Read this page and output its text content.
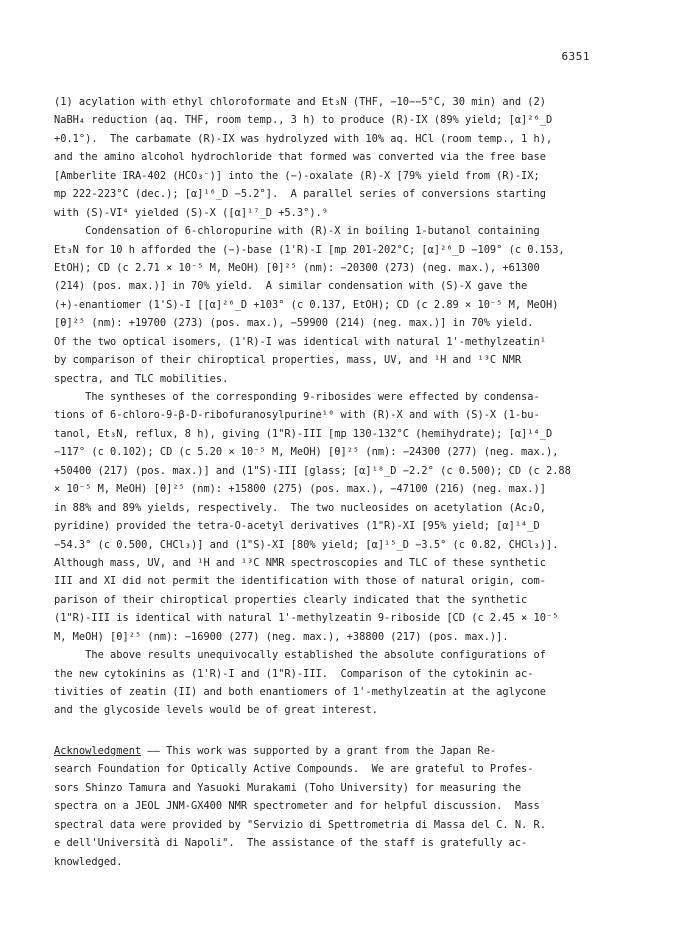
6351
(1) acylation with ethyl chloroformate and Et₃N (THF, −10−−5°C, 30 min) and (2)
NaBH₄ reduction (aq. THF, room temp., 3 h) to produce (R)-IX (89% yield; [α]²⁶_D
+0.1°).  The carbamate (R)-IX was hydrolyzed with 10% aq. HCl (room temp., 1 h),
and the amino alcohol hydrochloride that formed was converted via the free base
[Amberlite IRA-402 (HCO₃⁻)] into the (−)-oxalate (R)-X [79% yield from (R)-IX;
mp 222-223°C (dec.); [α]¹⁶_D −5.2°].  A parallel series of conversions starting
with (S)-VI⁴ yielded (S)-X ([α]¹⁷_D +5.3°).⁹
Condensation of 6-chloropurine with (R)-X in boiling 1-butanol containing
Et₃N for 10 h afforded the (−)-base (1'R)-I [mp 201-202°C; [α]²⁶_D −109° (c 0.153,
EtOH); CD (c 2.71 × 10⁻⁵ M, MeOH) [θ]²⁵ (nm): −20300 (273) (neg. max.), +61300
(214) (pos. max.)] in 70% yield.  A similar condensation with (S)-X gave the
(+)-enantiomer (1'S)-I [[α]²⁶_D +103° (c 0.137, EtOH); CD (c 2.89 × 10⁻⁵ M, MeOH)
[θ]²⁵ (nm): +19700 (273) (pos. max.), −59900 (214) (neg. max.)] in 70% yield.
Of the two optical isomers, (1'R)-I was identical with natural 1'-methylzeatin¹
by comparison of their chiroptical properties, mass, UV, and ¹H and ¹³C NMR
spectra, and TLC mobilities.
The syntheses of the corresponding 9-ribosides were effected by condensa-
tions of 6-chloro-9-β-D-ribofuranosylpurine¹⁰ with (R)-X and with (S)-X (1-bu-
tanol, Et₃N, reflux, 8 h), giving (1"R)-III [mp 130-132°C (hemihydrate); [α]¹⁴_D
−117° (c 0.102); CD (c 5.20 × 10⁻⁵ M, MeOH) [θ]²⁵ (nm): −24300 (277) (neg. max.),
+50400 (217) (pos. max.)] and (1"S)-III [glass; [α]¹⁸_D −2.2° (c 0.500); CD (c 2.88
× 10⁻⁵ M, MeOH) [θ]²⁵ (nm): +15800 (275) (pos. max.), −47100 (216) (neg. max.)]
in 88% and 89% yields, respectively.  The two nucleosides on acetylation (Ac₂O,
pyridine) provided the tetra-O-acetyl derivatives (1"R)-XI [95% yield; [α]¹⁴_D
−54.3° (c 0.500, CHCl₃)] and (1"S)-XI [80% yield; [α]¹⁵_D −3.5° (c 0.82, CHCl₃)].
Although mass, UV, and ¹H and ¹³C NMR spectroscopies and TLC of these synthetic
III and XI did not permit the identification with those of natural origin, com-
parison of their chiroptical properties clearly indicated that the synthetic
(1"R)-III is identical with natural 1'-methylzeatin 9-riboside [CD (c 2.45 × 10⁻⁵
M, MeOH) [θ]²⁵ (nm): −16900 (277) (neg. max.), +38800 (217) (pos. max.)].
The above results unequivocally established the absolute configurations of
the new cytokinins as (1'R)-I and (1"R)-III.  Comparison of the cytokinin ac-
tivities of zeatin (II) and both enantiomers of 1'-methylzeatin at the aglycone
and the glycoside levels would be of great interest.
Acknowledgment —— This work was supported by a grant from the Japan Re-
search Foundation for Optically Active Compounds.  We are grateful to Profes-
sors Shinzo Tamura and Yasuoki Murakami (Toho University) for measuring the
spectra on a JEOL JNM-GX400 NMR spectrometer and for helpful discussion.  Mass
spectral data were provided by "Servizio di Spettrometria di Massa del C. N. R.
e dell'Università di Napoli".  The assistance of the staff is gratefully ac-
knowledged.
